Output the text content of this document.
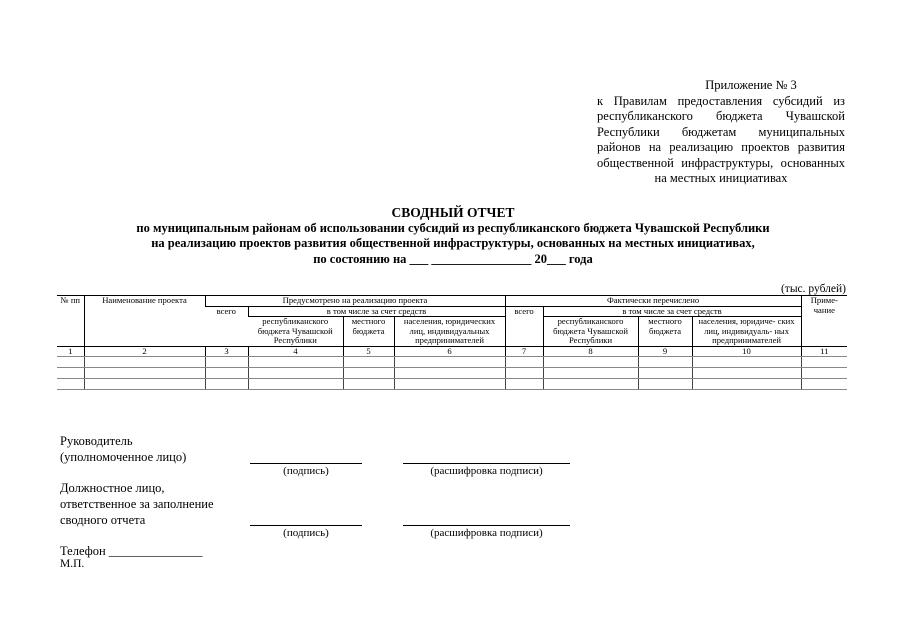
Приложение № 3
к Правилам предоставления субсидий из республиканского бюджета Чувашской Республики бюджетам муниципальных районов на реализацию проектов развития общественной инфраструктуры, основанных на местных инициативах
СВОДНЫЙ ОТЧЕТ
по муниципальным районам об использовании субсидий из республиканского бюджета Чувашской Республики
на реализацию проектов развития общественной инфраструктуры, основанных на местных инициативах,
по состоянию на ___ ________________ 20___ года
(тыс. рублей)
№ пп	Наименование проекта	Предусмотрено на реализацию проекта				Фактически перечислено				Приме- чание
		всего	в том числе за счет средств			всего	в том числе за счет средств			
			республиканского бюджета Чувашской Республики	местного бюджета	населения, юридических лиц, индивидуальных предпринимателей		республиканского бюджета Чувашской Республики	местного бюджета	населения, юридиче- ских лиц, индивидуаль- ных предпринимателей	
1	2	3	4	5	6	7	8	9	10	11

Руководитель
(уполномоченное лицо)
(подпись)	(расшифровка подписи)
Должностное лицо,
ответственное за заполнение
сводного отчета
(подпись)	(расшифровка подписи)
Телефон _______________
М.П.
